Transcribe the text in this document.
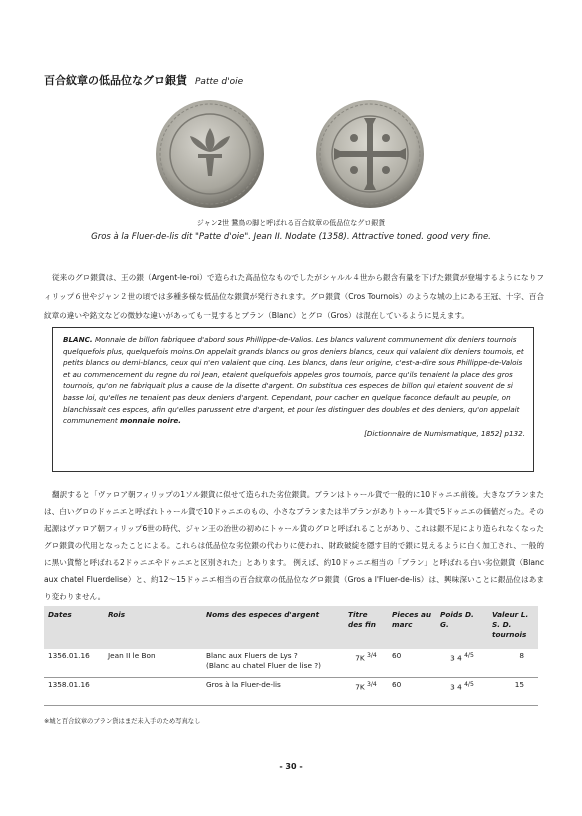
百合紋章の低品位なグロ銀貨 Patte d'oie
ジャン2世 鵞鳥の脚と呼ばれる百合紋章の低品位なグロ銀貨
Gros à la Fluer-de-lis dit "Patte d'oie". Jean II. Nodate (1358). Attractive toned. good very fine.

従来のグロ銀貨は、王の銀（Argent-le-roi）で造られた高品位なものでしたがシャルル４世から銀含有量を下げた銀貨が登場するようになりフィリップ６世やジャン２世の頃では多種多様な低品位な銀貨が発行されます。グロ銀貨（Cros Tournois）のような城の上にある王冠、十字、百合紋章の違いや銘文などの微妙な違いがあっても一見するとブラン（Blanc）とグロ（Gros）は混在しているように見えます。

BLANC. Monnaie de billon fabriquee d'abord sous Phillippe-de-Valios. Les blancs valurent communement dix deniers tournois quelquefois plus, quelquefois moins.On appelait grands blancs ou gros deniers blancs, ceux qui valaient dix deniers toumois, et petits blancs ou demi-blancs, ceux qui n'en valaient que cinq. Les blancs, dans leur origine, c'est-a-dire sous Phillippe-de-Valois et au commencement du regne du roi Jean, etaient quelquefois appeles gros toumois, parce qu'ils tenaient la place des gros tournois, qu'on ne fabriquait plus a cause de la disette d'argent. On substitua ces especes de billon qui etaient souvent de si basse loi, qu'elles ne tenaient pas deux deniers d'argent. Cependant, pour cacher en quelque faconce default au peuple, on blanchissait ces espces, afin qu'elles parussent etre d'argent, et pour les distinguer des doubles et des deniers, qu'on appelait communement monnaie noire.
[Dictionnaire de Numismatique, 1852] p132.

翻訳すると「ヴァロア朝フィリップの1ソル銀貨に似せて造られた劣位銀貨。ブランはトゥール貨で一般的に10ドゥニエ前後。大きなブランまたは、白いグロのドゥニエと呼ばれトゥール貨で10ドゥニエのもの、小さなブランまたは半ブランがありトゥール貨で5ドゥニエの価値だった。その起源はヴァロア朝フィリップ6世の時代、ジャン王の治世の初めにトゥール貨のグロと呼ばれることがあり、これは銀不足により造られなくなったグロ銀貨の代用となったことによる。これらは低品位な劣位銀の代わりに使われ、財政破綻を隠す目的で銀に見えるように白く加工され、一般的に黒い貨幣と呼ばれる2ドゥニエやドゥニエと区別された」とあります。 例えば、約10ドゥニエ相当の「ブラン」と呼ばれる白い劣位銀貨（Blanc aux chatel Fluerdelise）と、約12～15ドゥニエ相当の百合紋章の低品位なグロ銀貨（Gros a l'Fluer-de-lis）は、興味深いことに銀品位はあまり変わりません。

Dates	Rois	Noms des especes d'argent	Titre des fin	Pieces au marc	Poids D. G.	Valeur L. S. D. tournois
1356.01.16	Jean II le Bon	Blanc aux Fluers de Lys ?
(Blanc au chatel Fluer de lise ?)	7K $^{3/4}$	60	3 4 $^{4/5}$	8
1358.01.16		Gros à la Fluer-de-lis	7K $^{3/4}$	60	3 4 $^{4/5}$	15
※城と百合紋章のブラン貨はまだ未入手のため写真なし
- 30 -
